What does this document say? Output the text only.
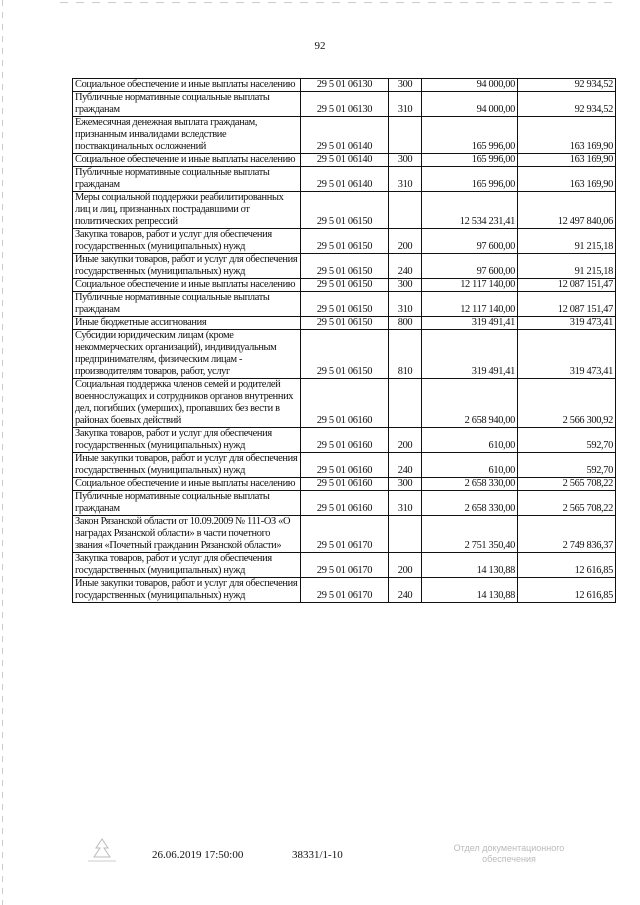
92
Социальное обеспечение и иные выплаты населению	29 5 01 06130	300	94 000,00	92 934,52
Публичные нормативные социальные выплаты гражданам	29 5 01 06130	310	94 000,00	92 934,52
Ежемесячная денежная выплата гражданам, признанным инвалидами вследствие поствакцинальных осложнений	29 5 01 06140		165 996,00	163 169,90
Социальное обеспечение и иные выплаты населению	29 5 01 06140	300	165 996,00	163 169,90
Публичные нормативные социальные выплаты гражданам	29 5 01 06140	310	165 996,00	163 169,90
Меры социальной поддержки реабилитированных лиц и лиц, признанных пострадавшими от политических репрессий	29 5 01 06150		12 534 231,41	12 497 840,06
Закупка товаров, работ и услуг для обеспечения государственных (муниципальных) нужд	29 5 01 06150	200	97 600,00	91 215,18
Иные закупки товаров, работ и услуг для обеспечения государственных (муниципальных) нужд	29 5 01 06150	240	97 600,00	91 215,18
Социальное обеспечение и иные выплаты населению	29 5 01 06150	300	12 117 140,00	12 087 151,47
Публичные нормативные социальные выплаты гражданам	29 5 01 06150	310	12 117 140,00	12 087 151,47
Иные бюджетные ассигнования	29 5 01 06150	800	319 491,41	319 473,41
Субсидии юридическим лицам (кроме некоммерческих организаций), индивидуальным предпринимателям, физическим лицам - производителям товаров, работ, услуг	29 5 01 06150	810	319 491,41	319 473,41
Социальная поддержка членов семей и родителей военнослужащих и сотрудников органов внутренних дел, погибших (умерших), пропавших без вести в районах боевых действий	29 5 01 06160		2 658 940,00	2 566 300,92
Закупка товаров, работ и услуг для обеспечения государственных (муниципальных) нужд	29 5 01 06160	200	610,00	592,70
Иные закупки товаров, работ и услуг для обеспечения государственных (муниципальных) нужд	29 5 01 06160	240	610,00	592,70
Социальное обеспечение и иные выплаты населению	29 5 01 06160	300	2 658 330,00	2 565 708,22
Публичные нормативные социальные выплаты гражданам	29 5 01 06160	310	2 658 330,00	2 565 708,22
Закон Рязанской области от 10.09.2009 № 111-ОЗ «О наградах Рязанской области» в части почетного звания «Почетный гражданин Рязанской области»	29 5 01 06170		2 751 350,40	2 749 836,37
Закупка товаров, работ и услуг для обеспечения государственных (муниципальных) нужд	29 5 01 06170	200	14 130,88	12 616,85
Иные закупки товаров, работ и услуг для обеспечения государственных (муниципальных) нужд	29 5 01 06170	240	14 130,88	12 616,85
26.06.2019 17:50:00	38331/1-10
Отдел документационного
обеспечения
